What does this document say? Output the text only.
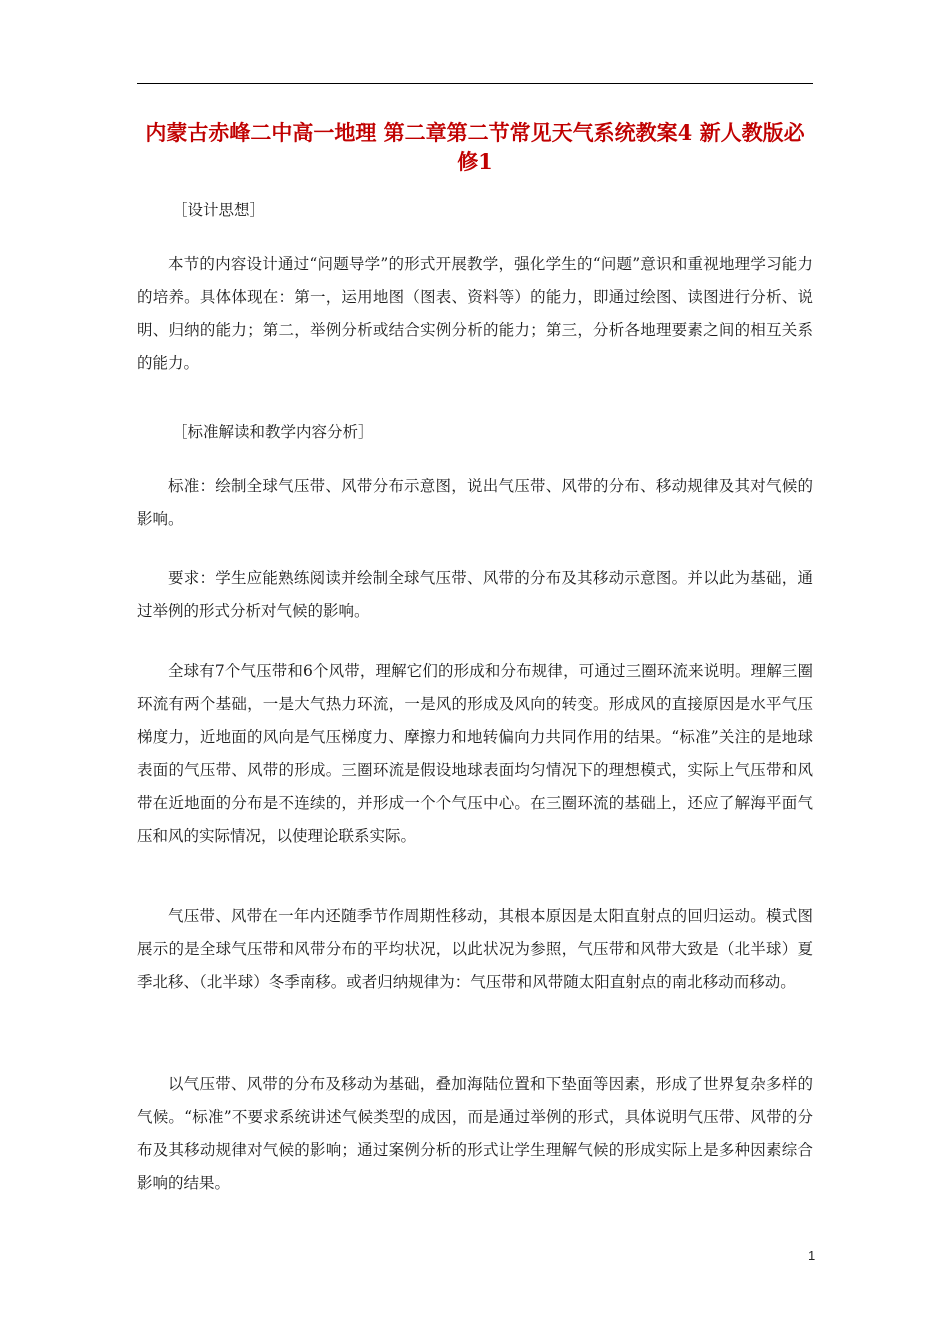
内蒙古赤峰二中高一地理 第二章第二节常见天气系统教案4 新人教版必修1

［设计思想］

本节的内容设计通过“问题导学”的形式开展教学，强化学生的“问题”意识和重视地理学习能力的培养。具体体现在：第一，运用地图（图表、资料等）的能力，即通过绘图、读图进行分析、说明、归纳的能力；第二，举例分析或结合实例分析的能力；第三，分析各地理要素之间的相互关系的能力。

［标准解读和教学内容分析］

标准：绘制全球气压带、风带分布示意图，说出气压带、风带的分布、移动规律及其对气候的影响。

要求：学生应能熟练阅读并绘制全球气压带、风带的分布及其移动示意图。并以此为基础，通过举例的形式分析对气候的影响。

全球有7个气压带和6个风带，理解它们的形成和分布规律，可通过三圈环流来说明。理解三圈环流有两个基础，一是大气热力环流，一是风的形成及风向的转变。形成风的直接原因是水平气压梯度力，近地面的风向是气压梯度力、摩擦力和地转偏向力共同作用的结果。“标准”关注的是地球表面的气压带、风带的形成。三圈环流是假设地球表面均匀情况下的理想模式，实际上气压带和风带在近地面的分布是不连续的，并形成一个个气压中心。在三圈环流的基础上，还应了解海平面气压和风的实际情况，以使理论联系实际。

气压带、风带在一年内还随季节作周期性移动，其根本原因是太阳直射点的回归运动。模式图展示的是全球气压带和风带分布的平均状况，以此状况为参照，气压带和风带大致是（北半球）夏季北移、（北半球）冬季南移。或者归纳规律为：气压带和风带随太阳直射点的南北移动而移动。

以气压带、风带的分布及移动为基础，叠加海陆位置和下垫面等因素，形成了世界复杂多样的气候。“标准”不要求系统讲述气候类型的成因，而是通过举例的形式，具体说明气压带、风带的分布及其移动规律对气候的影响；通过案例分析的形式让学生理解气候的形成实际上是多种因素综合影响的结果。

1
